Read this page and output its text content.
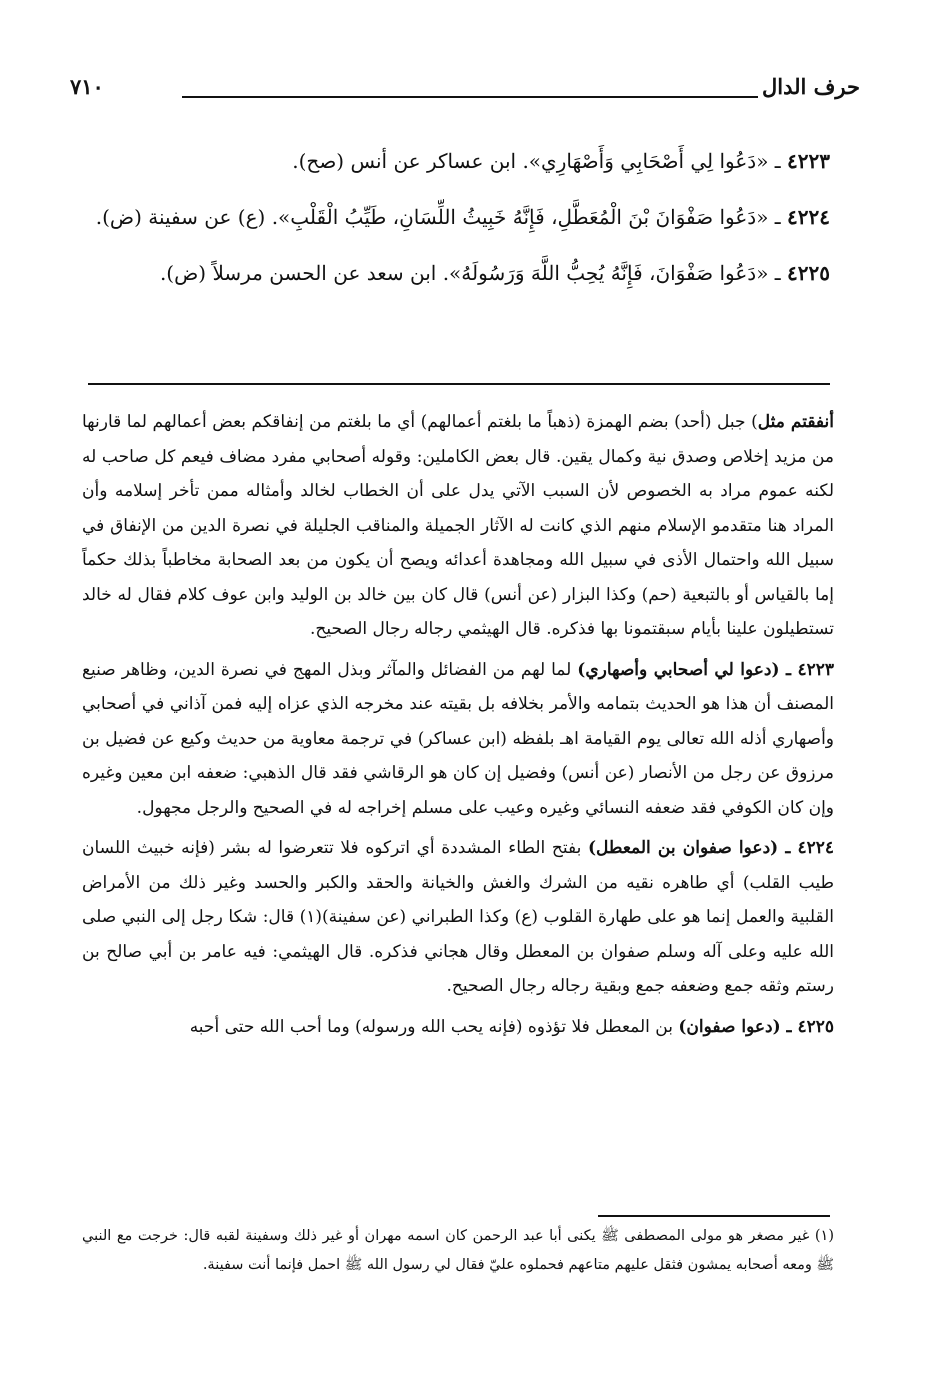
حرف الدال
٧١٠

٤٢٢٣ ـ «دَعُوا لِي أَصْحَابِي وَأَصْهَارِي». ابن عساكر عن أنس (صح).

٤٢٢٤ ـ «دَعُوا صَفْوَانَ بْنَ الْمُعَطَّلِ، فَإِنَّهُ خَبِيثُ اللِّسَانِ، طَيِّبُ الْقَلْبِ». (ع) عن سفينة (ض).

٤٢٢٥ ـ «دَعُوا صَفْوَانَ، فَإِنَّهُ يُحِبُّ اللَّهَ وَرَسُولَهُ». ابن سعد عن الحسن مرسلاً (ض).

أنفقتم مثل) جبل (أحد) بضم الهمزة (ذهباً ما بلغتم أعمالهم) أي ما بلغتم من إنفاقكم بعض أعمالهم لما قارنها من مزيد إخلاص وصدق نية وكمال يقين. قال بعض الكاملين: وقوله أصحابي مفرد مضاف فيعم كل صاحب له لكنه عموم مراد به الخصوص لأن السبب الآتي يدل على أن الخطاب لخالد وأمثاله ممن تأخر إسلامه وأن المراد هنا متقدمو الإسلام منهم الذي كانت له الآثار الجميلة والمناقب الجليلة في نصرة الدين من الإنفاق في سبيل الله واحتمال الأذى في سبيل الله ومجاهدة أعدائه ويصح أن يكون من بعد الصحابة مخاطباً بذلك حكماً إما بالقياس أو بالتبعية (حم) وكذا البزار (عن أنس) قال كان بين خالد بن الوليد وابن عوف كلام فقال له خالد تستطيلون علينا بأيام سبقتمونا بها فذكره. قال الهيثمي رجاله رجال الصحيح.

٤٢٢٣ ـ (دعوا لي أصحابي وأصهاري) لما لهم من الفضائل والمآثر وبذل المهج في نصرة الدين، وظاهر صنيع المصنف أن هذا هو الحديث بتمامه والأمر بخلافه بل بقيته عند مخرجه الذي عزاه إليه فمن آذاني في أصحابي وأصهاري أذله الله تعالى يوم القيامة اهـ بلفظه (ابن عساكر) في ترجمة معاوية من حديث وكيع عن فضيل بن مرزوق عن رجل من الأنصار (عن أنس) وفضيل إن كان هو الرقاشي فقد قال الذهبي: ضعفه ابن معين وغيره وإن كان الكوفي فقد ضعفه النسائي وغيره وعيب على مسلم إخراجه له في الصحيح والرجل مجهول.

٤٢٢٤ ـ (دعوا صفوان بن المعطل) بفتح الطاء المشددة أي اتركوه فلا تتعرضوا له بشر (فإنه خبيث اللسان طيب القلب) أي طاهره نقيه من الشرك والغش والخيانة والحقد والكبر والحسد وغير ذلك من الأمراض القلبية والعمل إنما هو على طهارة القلوب (ع) وكذا الطبراني (عن سفينة)(١) قال: شكا رجل إلى النبي صلى الله عليه وعلى آله وسلم صفوان بن المعطل وقال هجاني فذكره. قال الهيثمي: فيه عامر بن أبي صالح بن رستم وثقه جمع وضعفه جمع وبقية رجاله رجال الصحيح.

٤٢٢٥ ـ (دعوا صفوان) بن المعطل فلا تؤذوه (فإنه يحب الله ورسوله) وما أحب الله حتى أحبه

(١) غير مصغر هو مولى المصطفى ﷺ يكنى أبا عبد الرحمن كان اسمه مهران أو غير ذلك وسفينة لقبه قال: خرجت مع النبي ﷺ ومعه أصحابه يمشون فثقل عليهم متاعهم فحملوه عليّ فقال لي رسول الله ﷺ احمل فإنما أنت سفينة.
